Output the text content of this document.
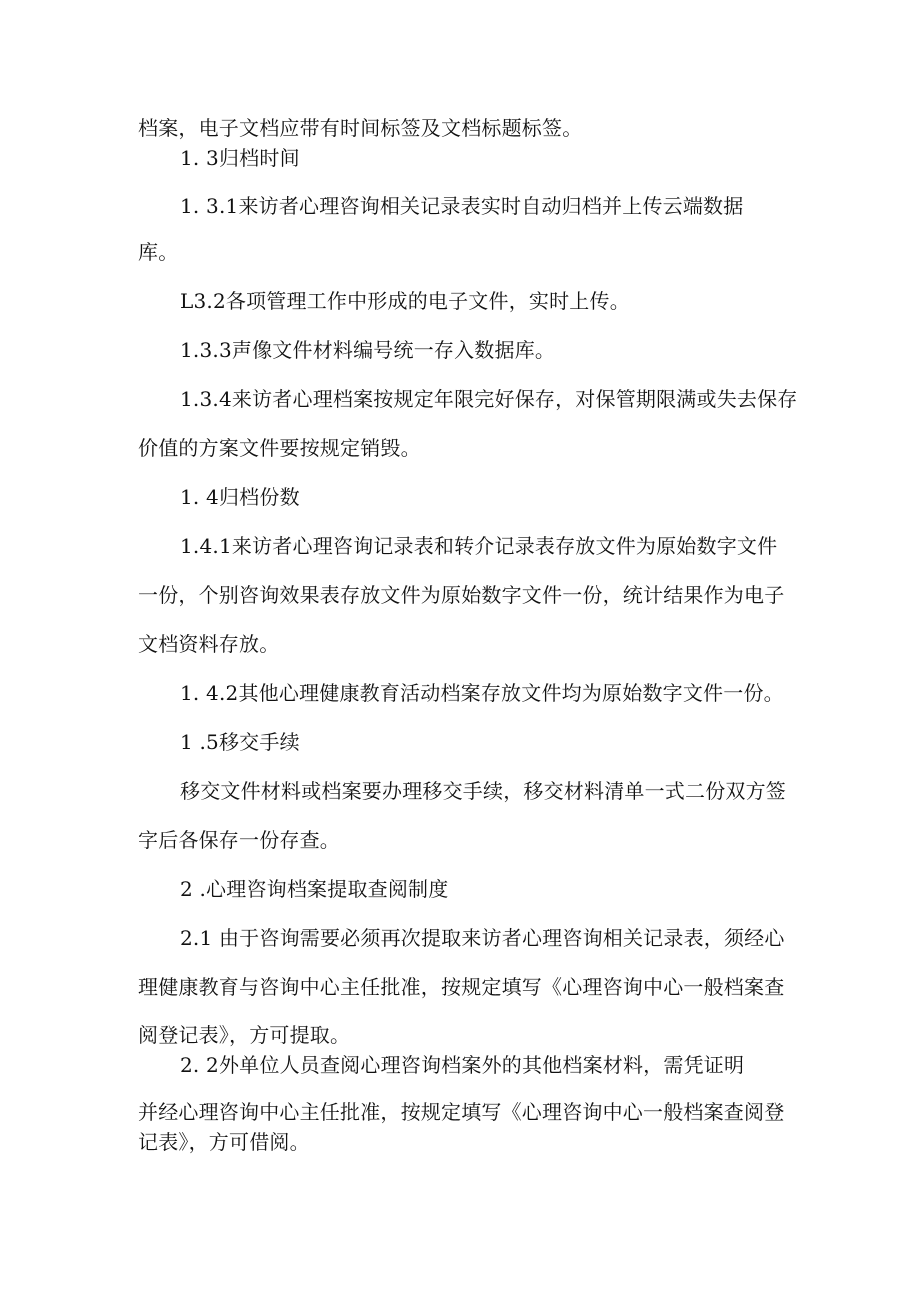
档案，电子文档应带有时间标签及文档标题标签。
1. 3归档时间
1. 3.1来访者心理咨询相关记录表实时自动归档并上传云端数据
库。
L3.2各项管理工作中形成的电子文件，实时上传。
1.3.3声像文件材料编号统一存入数据库。
1.3.4来访者心理档案按规定年限完好保存，对保管期限满或失去保存
价值的方案文件要按规定销毁。
1. 4归档份数
1.4.1来访者心理咨询记录表和转介记录表存放文件为原始数字文件
一份，个别咨询效果表存放文件为原始数字文件一份，统计结果作为电子
文档资料存放。
1. 4.2其他心理健康教育活动档案存放文件均为原始数字文件一份。
1 .5移交手续
移交文件材料或档案要办理移交手续，移交材料清单一式二份双方签
字后各保存一份存查。
2 .心理咨询档案提取查阅制度
2.1 由于咨询需要必须再次提取来访者心理咨询相关记录表，须经心
理健康教育与咨询中心主任批准，按规定填写《心理咨询中心一般档案查
阅登记表》，方可提取。
2. 2外单位人员查阅心理咨询档案外的其他档案材料，需凭证明
并经心理咨询中心主任批准，按规定填写《心理咨询中心一般档案查阅登
记表》，方可借阅。
